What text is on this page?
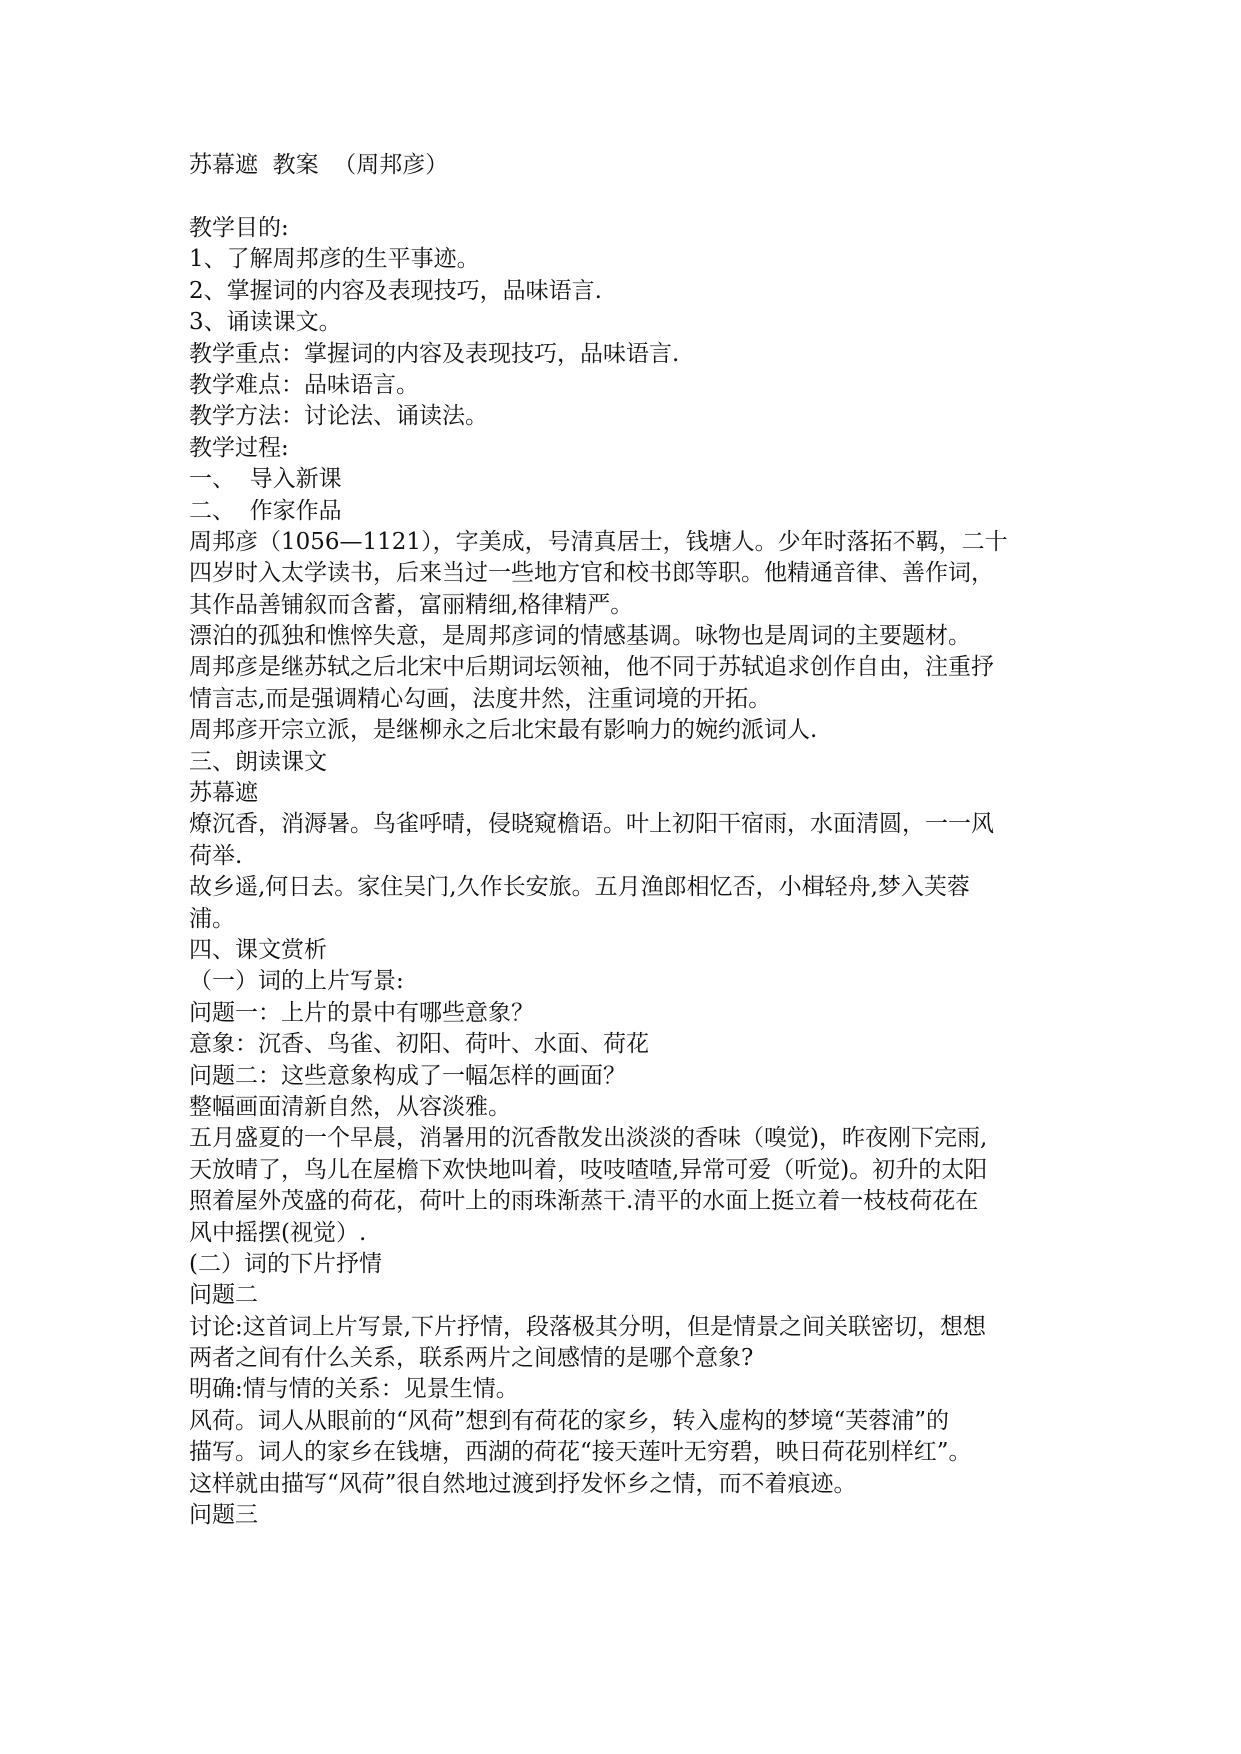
苏幕遮  教案  （周邦彦）
教学目的:
1、了解周邦彦的生平事迹。
2、掌握词的内容及表现技巧，品味语言.
3、诵读课文。
教学重点：掌握词的内容及表现技巧，品味语言.
教学难点：品味语言。
教学方法：讨论法、诵读法。
教学过程:
一、  导入新课
二、  作家作品
周邦彦（1056—1121），字美成，号清真居士，钱塘人。少年时落拓不羁，二十
四岁时入太学读书，后来当过一些地方官和校书郎等职。他精通音律、善作词，
其作品善铺叙而含蓄，富丽精细,格律精严。
漂泊的孤独和憔悴失意，是周邦彦词的情感基调。咏物也是周词的主要题材。
周邦彦是继苏轼之后北宋中后期词坛领袖，他不同于苏轼追求创作自由，注重抒
情言志,而是强调精心勾画，法度井然，注重词境的开拓。
周邦彦开宗立派，是继柳永之后北宋最有影响力的婉约派词人.
三、朗读课文
苏幕遮
燎沉香，消溽暑。鸟雀呼晴，侵晓窥檐语。叶上初阳干宿雨，水面清圆，一一风
荷举.
故乡遥,何日去。家住吴门,久作长安旅。五月渔郎相忆否，小楫轻舟,梦入芙蓉
浦。
四、课文赏析
（一）词的上片写景:
问题一：上片的景中有哪些意象？
意象：沉香、鸟雀、初阳、荷叶、水面、荷花
问题二：这些意象构成了一幅怎样的画面？
整幅画面清新自然，从容淡雅。
五月盛夏的一个早晨，消暑用的沉香散发出淡淡的香味（嗅觉)，昨夜刚下完雨,
天放晴了，鸟儿在屋檐下欢快地叫着，吱吱喳喳,异常可爱（听觉)。初升的太阳
照着屋外茂盛的荷花，荷叶上的雨珠渐蒸干.清平的水面上挺立着一枝枝荷花在
风中摇摆(视觉）.
(二）词的下片抒情
问题二
讨论:这首词上片写景,下片抒情，段落极其分明，但是情景之间关联密切，想想
两者之间有什么关系，联系两片之间感情的是哪个意象?
明确:情与情的关系：见景生情。
风荷。词人从眼前的“风荷”想到有荷花的家乡，转入虚构的梦境“芙蓉浦”的
描写。词人的家乡在钱塘，西湖的荷花“接天莲叶无穷碧，映日荷花别样红”。
这样就由描写“风荷”很自然地过渡到抒发怀乡之情，而不着痕迹。
问题三
